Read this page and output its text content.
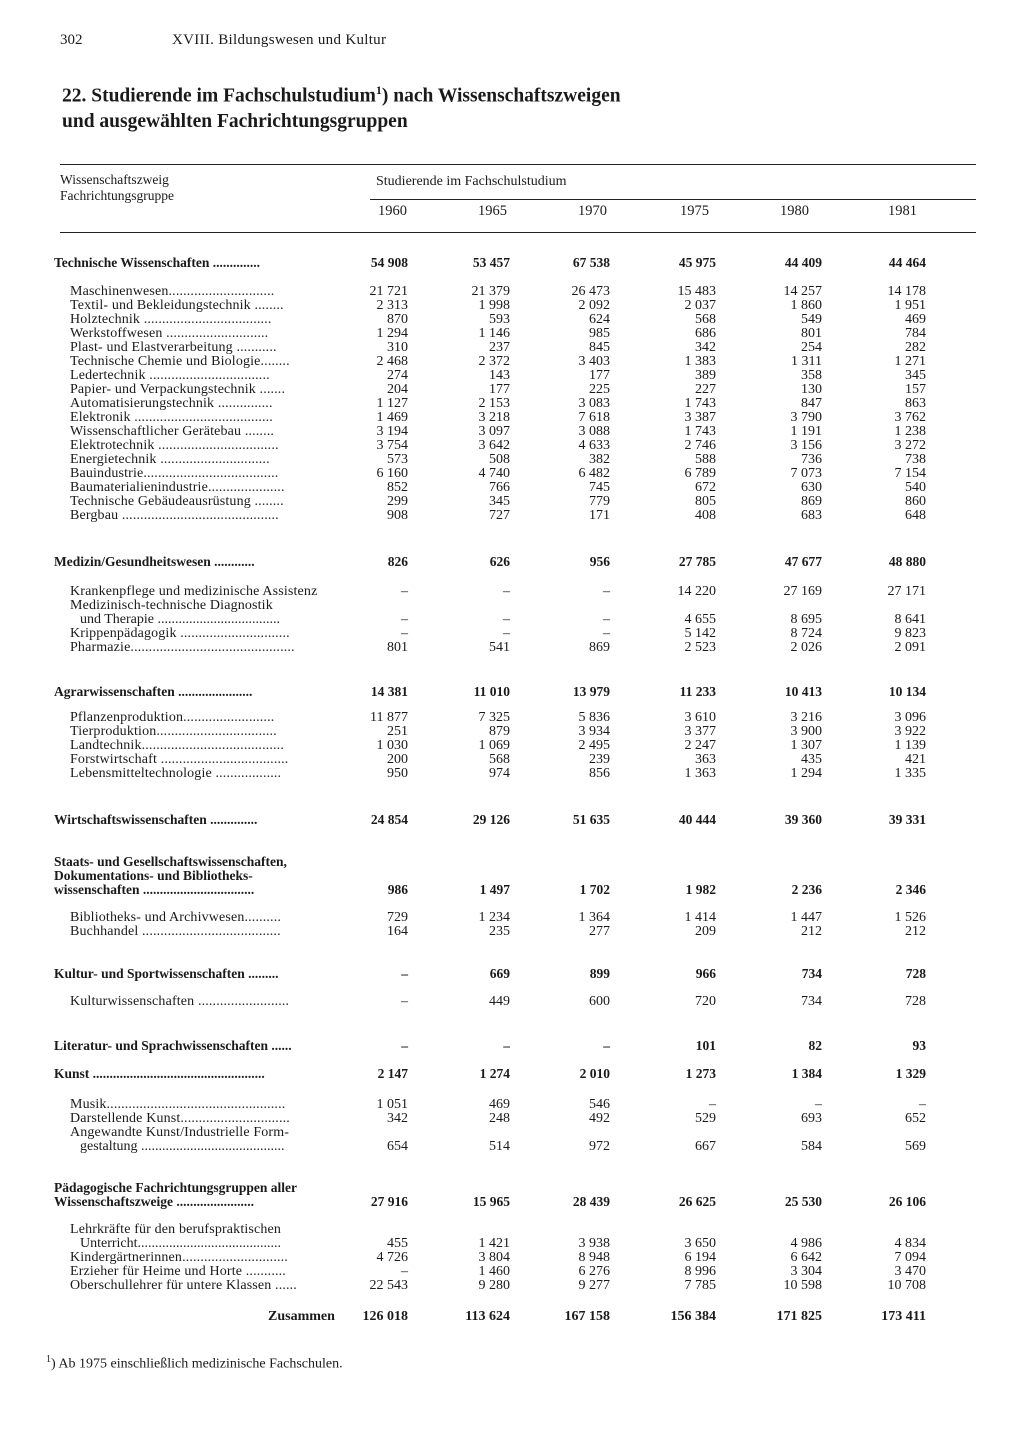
302	XVIII. Bildungswesen und Kultur
22. Studierende im Fachschulstudium$^1$) nach Wissenschaftszweigen
und ausgewählten Fachrichtungsgruppen
Wissenschaftszweig
Fachrichtungsgruppe
Studierende im Fachschulstudium
1960	1965	1970	1975	1980	1981
Technische Wissenschaften ..............	54 908	53 457	67 538	45 975	44 409	44 464
Maschinenwesen.............................	21 721	21 379	26 473	15 483	14 257	14 178
Textil- und Bekleidungstechnik ........	2 313	1 998	2 092	2 037	1 860	1 951
Holztechnik ...................................	870	593	624	568	549	469
Werkstoffwesen ............................	1 294	1 146	985	686	801	784
Plast- und Elastverarbeitung ...........	310	237	845	342	254	282
Technische Chemie und Biologie........	2 468	2 372	3 403	1 383	1 311	1 271
Ledertechnik .................................	274	143	177	389	358	345
Papier- und Verpackungstechnik .......	204	177	225	227	130	157
Automatisierungstechnik ...............	1 127	2 153	3 083	1 743	847	863
Elektronik ......................................	1 469	3 218	7 618	3 387	3 790	3 762
Wissenschaftlicher Gerätebau ........	3 194	3 097	3 088	1 743	1 191	1 238
Elektrotechnik .................................	3 754	3 642	4 633	2 746	3 156	3 272
Energietechnik ..............................	573	508	382	588	736	738
Bauindustrie.....................................	6 160	4 740	6 482	6 789	7 073	7 154
Baumaterialienindustrie.....................	852	766	745	672	630	540
Technische Gebäudeausrüstung ........	299	345	779	805	869	860
Bergbau ...........................................	908	727	171	408	683	648
Medizin/Gesundheitswesen ............	826	626	956	27 785	47 677	48 880
Krankenpflege und medizinische Assistenz	–	–	–	14 220	27 169	27 171
Medizinisch-technische Diagnostik
und Therapie ...................................	–	–	–	4 655	8 695	8 641
Krippenpädagogik ..............................	–	–	–	5 142	8 724	9 823
Pharmazie.............................................	801	541	869	2 523	2 026	2 091
Agrarwissenschaften ......................	14 381	11 010	13 979	11 233	10 413	10 134
Pflanzenproduktion.........................	11 877	7 325	5 836	3 610	3 216	3 096
Tierproduktion.................................	251	879	3 934	3 377	3 900	3 922
Landtechnik.......................................	1 030	1 069	2 495	2 247	1 307	1 139
Forstwirtschaft ...................................	200	568	239	363	435	421
Lebensmitteltechnologie ..................	950	974	856	1 363	1 294	1 335
Wirtschaftswissenschaften ..............	24 854	29 126	51 635	40 444	39 360	39 331
Staats- und Gesellschaftswissenschaften,
Dokumentations- und Bibliotheks-
wissenschaften .................................	986	1 497	1 702	1 982	2 236	2 346
Bibliotheks- und Archivwesen..........	729	1 234	1 364	1 414	1 447	1 526
Buchhandel ......................................	164	235	277	209	212	212
Kultur- und Sportwissenschaften .........	–	669	899	966	734	728
Kulturwissenschaften .........................	–	449	600	720	734	728
Literatur- und Sprachwissenschaften ......	–	–	–	101	82	93
Kunst ...................................................	2 147	1 274	2 010	1 273	1 384	1 329
Musik.................................................	1 051	469	546	–	–	–
Darstellende Kunst..............................	342	248	492	529	693	652
Angewandte Kunst/Industrielle Form-
gestaltung .........................................	654	514	972	667	584	569
Pädagogische Fachrichtungsgruppen aller
Wissenschaftszweige .......................	27 916	15 965	28 439	26 625	25 530	26 106
Lehrkräfte für den berufspraktischen
Unterricht.........................................	455	1 421	3 938	3 650	4 986	4 834
Kindergärtnerinnen.............................	4 726	3 804	8 948	6 194	6 642	7 094
Erzieher für Heime und Horte ...........	–	1 460	6 276	8 996	3 304	3 470
Oberschullehrer für untere Klassen ......	22 543	9 280	9 277	7 785	10 598	10 708
Zusammen	126 018	113 624	167 158	156 384	171 825	173 411
$^1$) Ab 1975 einschließlich medizinische Fachschulen.
